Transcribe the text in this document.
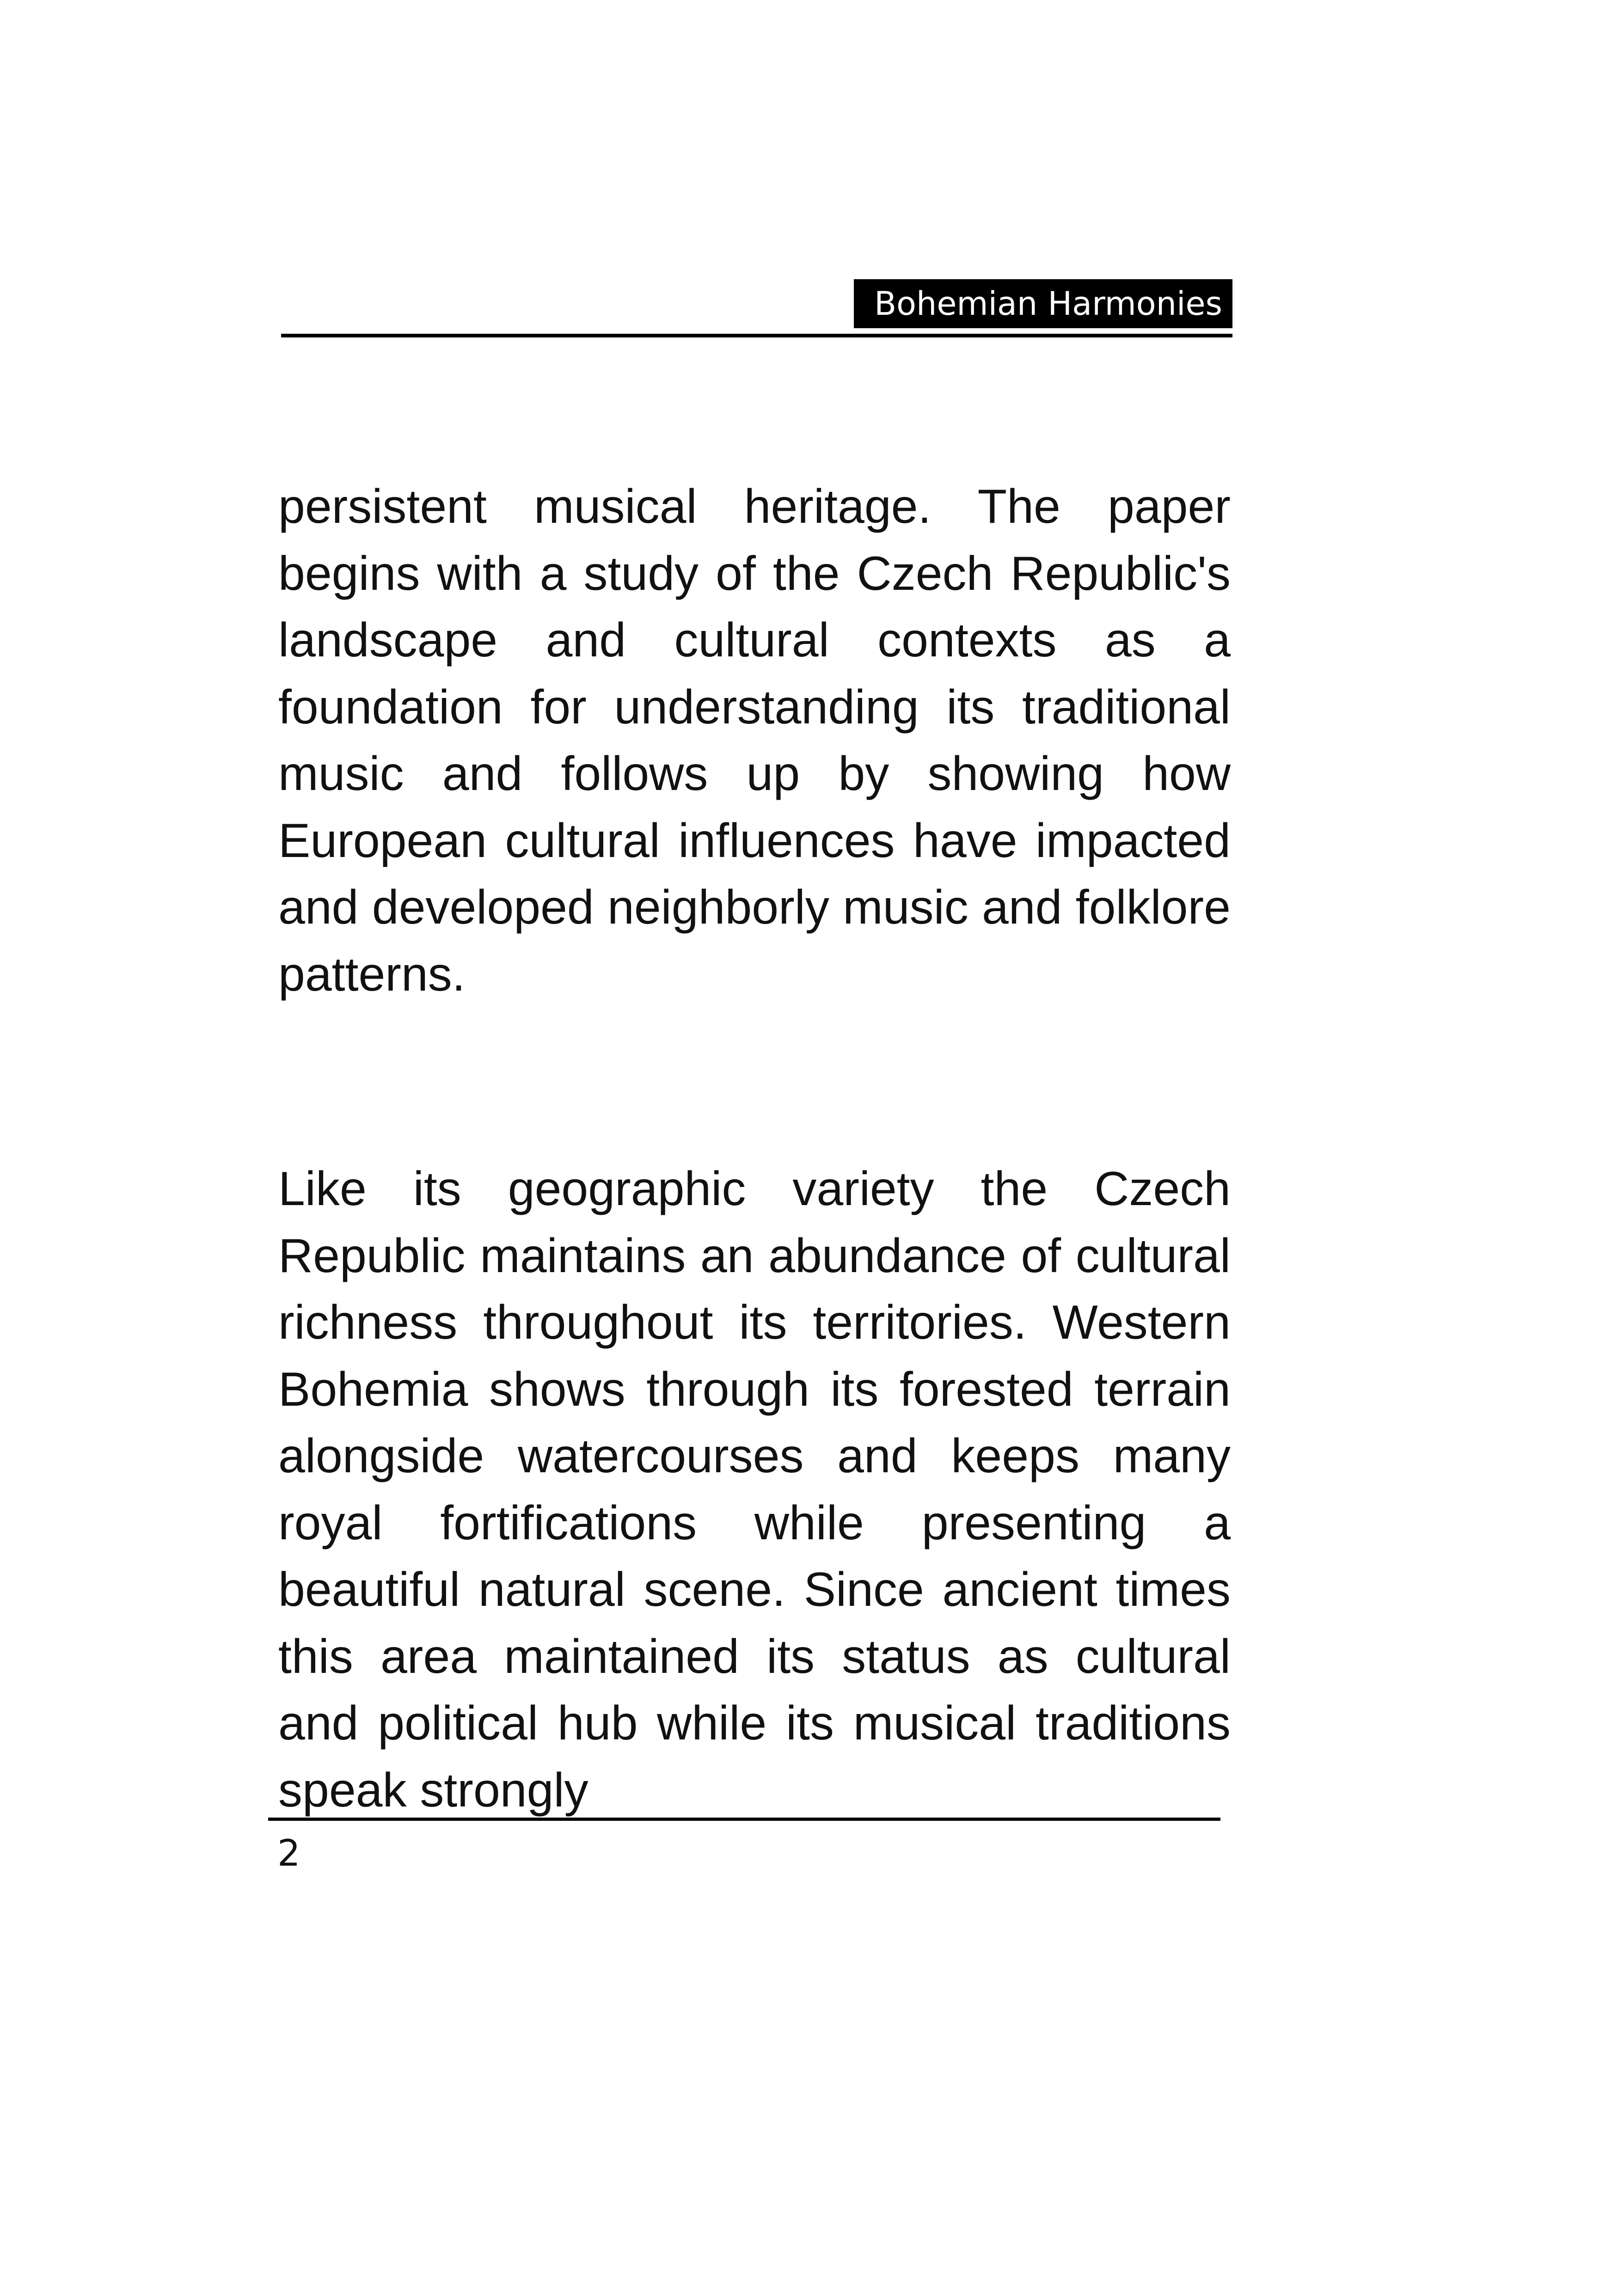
Bohemian Harmonies

persistent musical heritage. The paper begins with a study of the Czech Republic's landscape and cultural contexts as a foundation for understanding its traditional music and follows up by showing how European cultural influences have impacted and developed neighborly music and folklore patterns.

Like its geographic variety the Czech Republic maintains an abundance of cultural richness throughout its territories. Western Bohemia shows through its forested terrain alongside watercourses and keeps many royal fortifications while presenting a beautiful natural scene. Since ancient times this area maintained its status as cultural and political hub while its musical traditions speak strongly

2
